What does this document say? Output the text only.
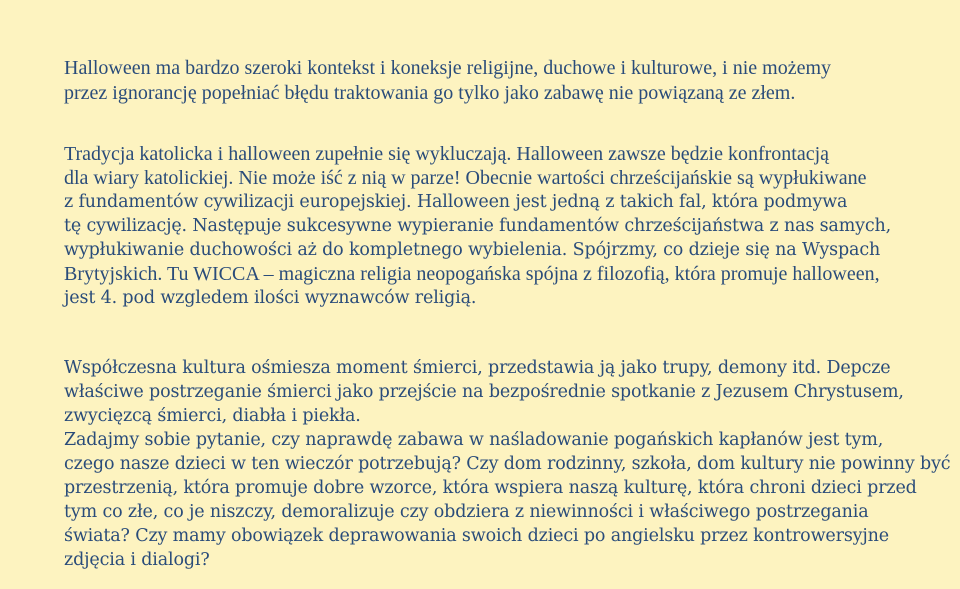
Halloween ma bardzo szeroki kontekst i koneksje religijne, duchowe i kulturowe, i nie możemy
przez ignorancję popełniać błędu traktowania go tylko jako zabawę nie powiązaną ze złem.

Tradycja katolicka i halloween zupełnie się wykluczają. Halloween zawsze będzie konfrontacją
dla wiary katolickiej. Nie może iść z nią w parze! Obecnie wartości chrześcijańskie są wypłukiwane
z fundamentów cywilizacji europejskiej. Halloween jest jedną z takich fal, która podmywa
tę cywilizację. Następuje sukcesywne wypieranie fundamentów chrześcijaństwa z nas samych,
wypłukiwanie duchowości aż do kompletnego wybielenia. Spójrzmy, co dzieje się na Wyspach
Brytyjskich. Tu WICCA – magiczna religia neopogańska spójna z filozofią, która promuje halloween,
jest 4. pod wzgledem ilości wyznawców religią.

Współczesna kultura ośmiesza moment śmierci, przedstawia ją jako trupy, demony itd. Depcze
właściwe postrzeganie śmierci jako przejście na bezpośrednie spotkanie z Jezusem Chrystusem,
zwycięzcą śmierci, diabła i piekła.
Zadajmy sobie pytanie, czy naprawdę zabawa w naśladowanie pogańskich kapłanów jest tym,
czego nasze dzieci w ten wieczór potrzebują? Czy dom rodzinny, szkoła, dom kultury nie powinny być
przestrzenią, która promuje dobre wzorce, która wspiera naszą kulturę, która chroni dzieci przed
tym co złe, co je niszczy, demoralizuje czy obdziera z niewinności i właściwego postrzegania
świata? Czy mamy obowiązek deprawowania swoich dzieci po angielsku przez kontrowersyjne
zdjęcia i dialogi?
